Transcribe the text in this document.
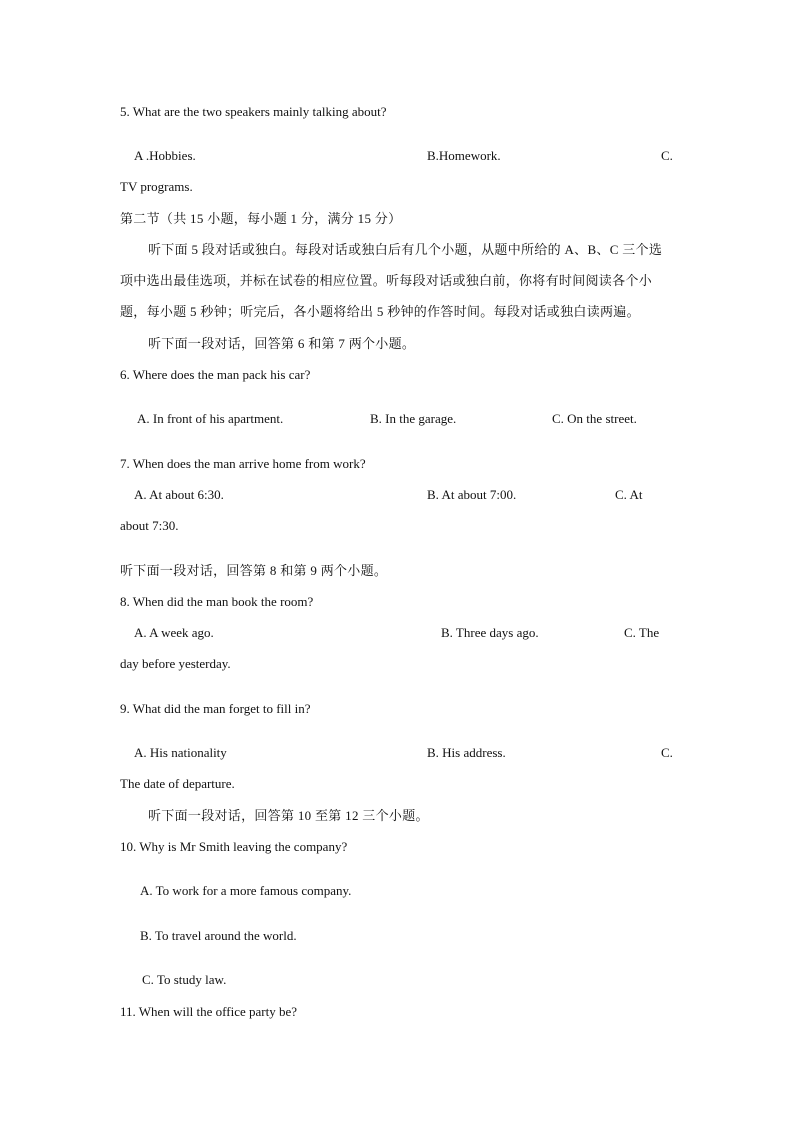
5. What are the two speakers mainly talking about?
A .Hobbies.	B.Homework.	C.
TV programs.
第二节（共 15 小题，每小题 1 分，满分 15 分）
听下面 5 段对话或独白。每段对话或独白后有几个小题，从题中所给的 A、B、C 三个选
项中选出最佳选项，并标在试卷的相应位置。听每段对话或独白前，你将有时间阅读各个小
题，每小题 5 秒钟；听完后，各小题将给出 5 秒钟的作答时间。每段对话或独白读两遍。
听下面一段对话，回答第 6 和第 7 两个小题。
6. Where does the man pack his car?
A. In front of his apartment.	B. In the garage.	C. On the street.
7. When does the man arrive home from work?
A. At about 6:30.	B. At about 7:00.	C. At
about 7:30.
听下面一段对话，回答第 8 和第 9 两个小题。
8. When did the man book the room?
A. A week ago.	B. Three days ago.	C. The
day before yesterday.
9. What did the man forget to fill in?
A. His nationality	B. His address.	C.
The date of departure.
听下面一段对话，回答第 10 至第 12 三个小题。
10. Why is Mr Smith leaving the company?
A. To work for a more famous company.
B. To travel around the world.
C. To study law.
11. When will the office party be?
